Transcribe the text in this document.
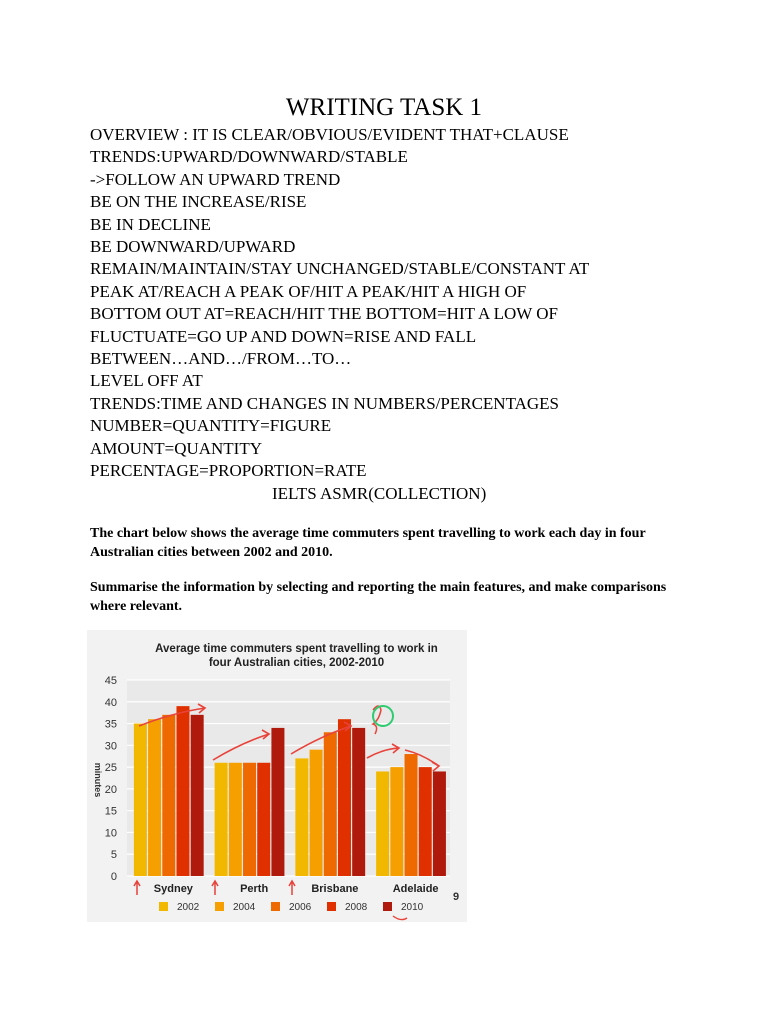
WRITING TASK 1
OVERVIEW : IT IS CLEAR/OBVIOUS/EVIDENT THAT+CLAUSE
TRENDS:UPWARD/DOWNWARD/STABLE
->FOLLOW AN UPWARD TREND
BE ON THE INCREASE/RISE
BE IN DECLINE
BE DOWNWARD/UPWARD
REMAIN/MAINTAIN/STAY UNCHANGED/STABLE/CONSTANT AT
PEAK AT/REACH A PEAK OF/HIT A PEAK/HIT A HIGH OF
BOTTOM OUT AT=REACH/HIT THE BOTTOM=HIT A LOW OF
FLUCTUATE=GO UP AND DOWN=RISE AND FALL
BETWEEN…AND…/FROM…TO…
LEVEL OFF AT
TRENDS:TIME AND CHANGES IN NUMBERS/PERCENTAGES
NUMBER=QUANTITY=FIGURE
AMOUNT=QUANTITY
PERCENTAGE=PROPORTION=RATE
IELTS ASMR(COLLECTION)
The chart below shows the average time commuters spent travelling to work each day in four Australian cities between 2002 and 2010.
Summarise the information by selecting and reporting the main features, and make comparisons where relevant.
Average time commuters spent travelling to work in
four Australian cities, 2002-2010
0
5
10
15
20
25
30
35
40
45
minutes
Sydney	Perth	Brisbane	Adelaide
2002	2004	2006	2008	2010
9
